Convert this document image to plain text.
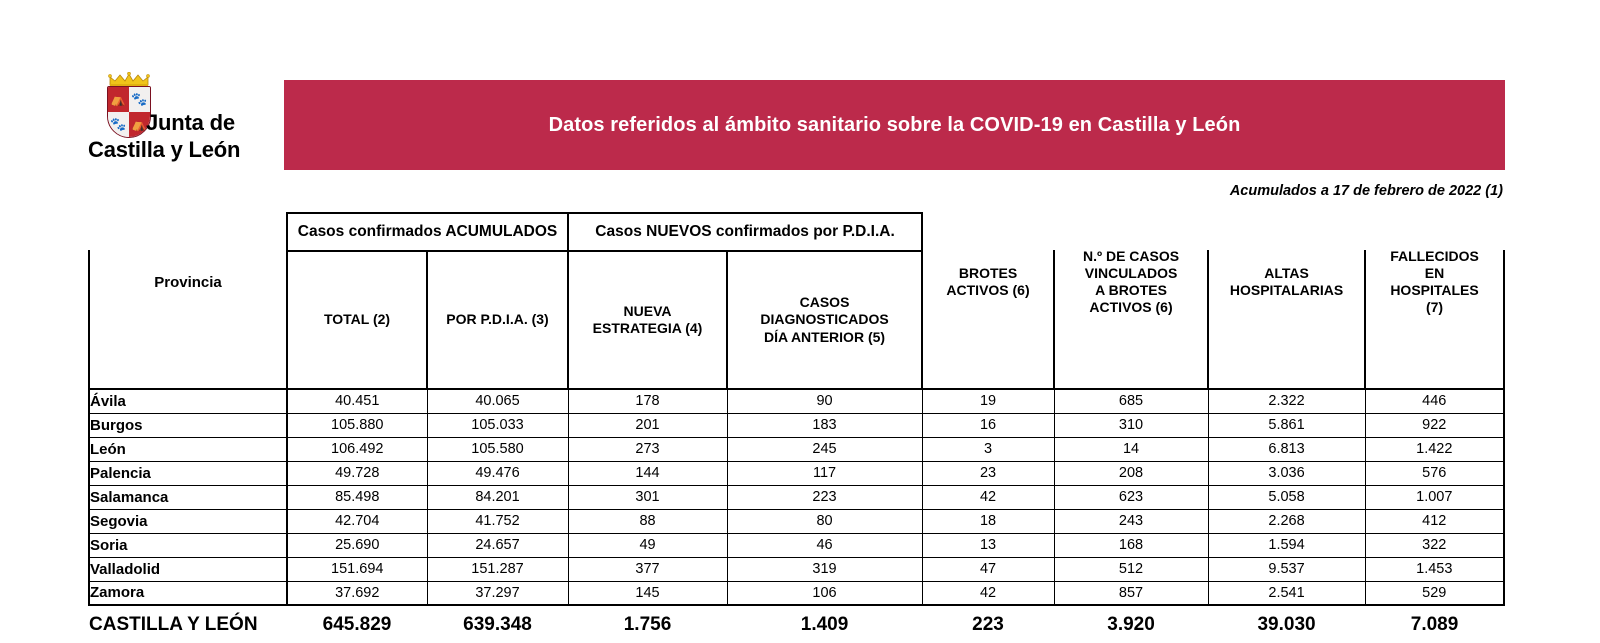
⛺ 🐾
🐾 ⛺
Junta de
Castilla y León
Datos referidos al ámbito sanitario sobre la COVID-19 en Castilla y León
Acumulados a 17 de febrero de 2022 (1)
	Casos confirmados ACUMULADOS		Casos NUEVOS confirmados por P.D.I.A.					
Provincia	TOTAL (2)	POR P.D.I.A. (3)	NUEVA
ESTRATEGIA (4)	CASOS
DIAGNOSTICADOS
DÍA ANTERIOR (5)	BROTES
ACTIVOS (6)	N.º DE CASOS
VINCULADOS
A BROTES
ACTIVOS (6)	ALTAS
HOSPITALARIAS	FALLECIDOS
EN
HOSPITALES
(7)
Ávila	40.451	40.065	178	90	19	685	2.322	446
Burgos	105.880	105.033	201	183	16	310	5.861	922
León	106.492	105.580	273	245	3	14	6.813	1.422
Palencia	49.728	49.476	144	117	23	208	3.036	576
Salamanca	85.498	84.201	301	223	42	623	5.058	1.007
Segovia	42.704	41.752	88	80	18	243	2.268	412
Soria	25.690	24.657	49	46	13	168	1.594	322
Valladolid	151.694	151.287	377	319	47	512	9.537	1.453
Zamora	37.692	37.297	145	106	42	857	2.541	529
CASTILLA Y LEÓN	645.829	639.348	1.756	1.409	223	3.920	39.030	7.089
